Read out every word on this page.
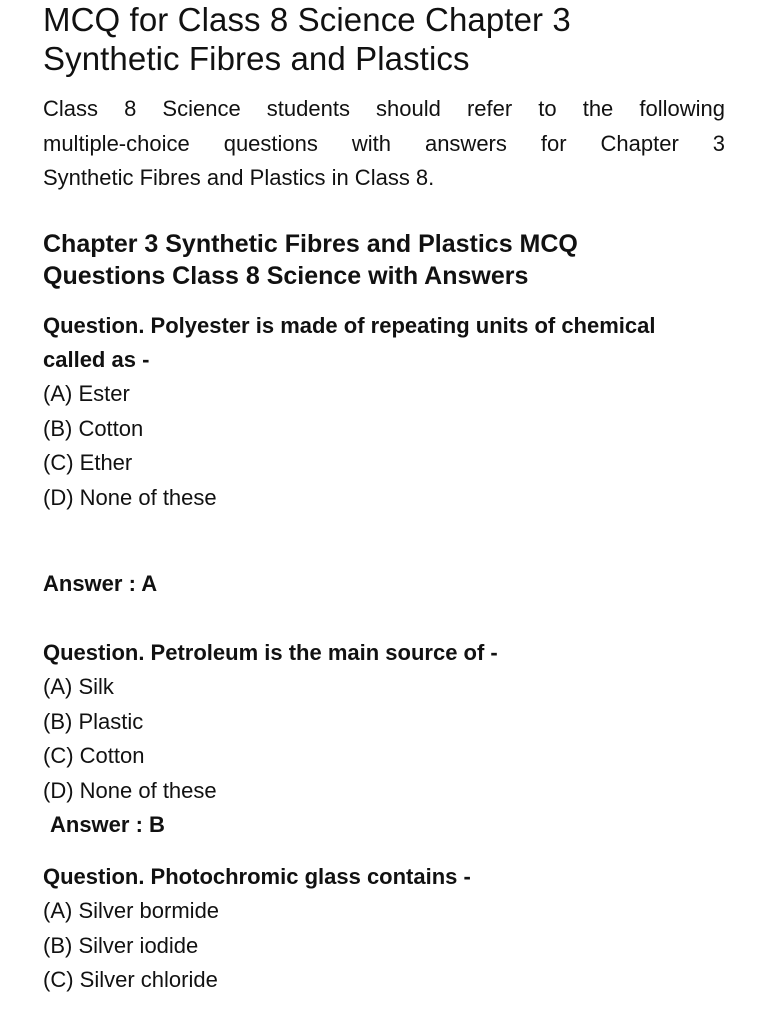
MCQ for Class 8 Science Chapter 3
Synthetic Fibres and Plastics

Class 8 Science students should refer to the following
multiple-choice questions with answers for Chapter 3
Synthetic Fibres and Plastics in Class 8.

Chapter 3 Synthetic Fibres and Plastics MCQ
Questions Class 8 Science with Answers

Question. Polyester is made of repeating units of chemical
called as -

(A) Ester

(B) Cotton

(C) Ether

(D) None of these

Answer : A

Question. Petroleum is the main source of -

(A) Silk

(B) Plastic

(C) Cotton

(D) None of these

Answer : B

Question. Photochromic glass contains -

(A) Silver bormide

(B) Silver iodide

(C) Silver chloride
